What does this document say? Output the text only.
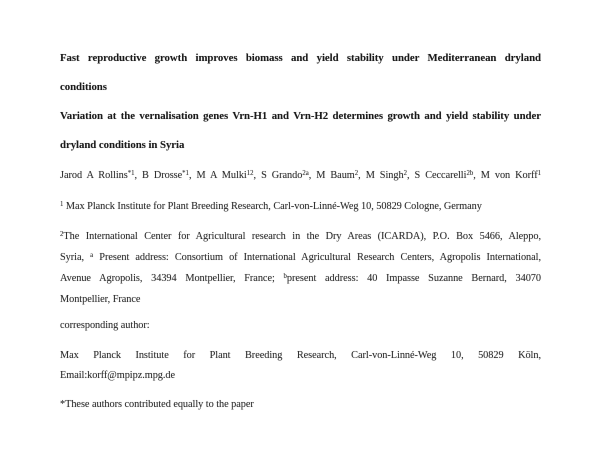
Fast reproductive growth improves biomass and yield stability under Mediterranean dryland
conditions
Variation at the vernalisation genes Vrn-H1 and Vrn-H2 determines growth and yield stability under
dryland conditions in Syria
Jarod A Rollins$^{*1}$, B Drosse$^{*1}$, M A Mulki$^{12}$, S Grando$^{2a}$, M Baum$^2$, M Singh$^2$, S Ceccarelli$^{2b}$, M von Korff$^1$
$^1$ Max Planck Institute for Plant Breeding Research, Carl-von-Linné-Weg 10, 50829 Cologne, Germany
$^2$The International Center for Agricultural research in the Dry Areas (ICARDA), P.O. Box 5466, Aleppo,
Syria, $^a$ Present address: Consortium of International Agricultural Research Centers, Agropolis International,
Avenue Agropolis, 34394 Montpellier, France; $^b$present address: 40 Impasse Suzanne Bernard, 34070
Montpellier, France
corresponding author:
Max Planck Institute for Plant Breeding Research, Carl-von-Linné-Weg 10, 50829 Köln,
Email:korff@mpipz.mpg.de
*These authors contributed equally to the paper
